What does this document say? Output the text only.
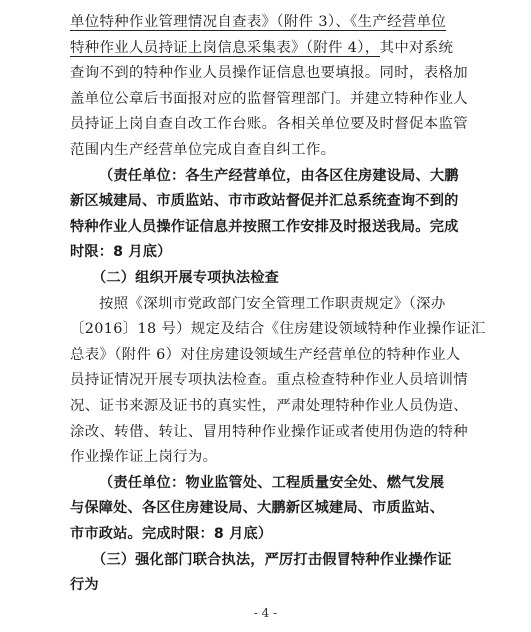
单位特种作业管理情况自查表》（附件 3）、《生产经营单位
特种作业人员持证上岗信息采集表》（附件 4），其中对系统
查询不到的特种作业人员操作证信息也要填报。同时，表格加
盖单位公章后书面报对应的监督管理部门。并建立特种作业人
员持证上岗自查自改工作台账。各相关单位要及时督促本监管
范围内生产经营单位完成自查自纠工作。
（责任单位：各生产经营单位，由各区住房建设局、大鹏
新区城建局、市质监站、市市政站督促并汇总系统查询不到的
特种作业人员操作证信息并按照工作安排及时报送我局。完成
时限：8 月底）
（二）组织开展专项执法检查
按照《深圳市党政部门安全管理工作职责规定》（深办
〔2016〕18 号）规定及结合《住房建设领域特种作业操作证汇
总表》（附件 6）对住房建设领域生产经营单位的特种作业人
员持证情况开展专项执法检查。重点检查特种作业人员培训情
况、证书来源及证书的真实性，严肃处理特种作业人员伪造、
涂改、转借、转让、冒用特种作业操作证或者使用伪造的特种
作业操作证上岗行为。
（责任单位：物业监管处、工程质量安全处、燃气发展
与保障处、各区住房建设局、大鹏新区城建局、市质监站、
市市政站。完成时限：8 月底）
（三）强化部门联合执法，严厉打击假冒特种作业操作证
行为
- 4 -
